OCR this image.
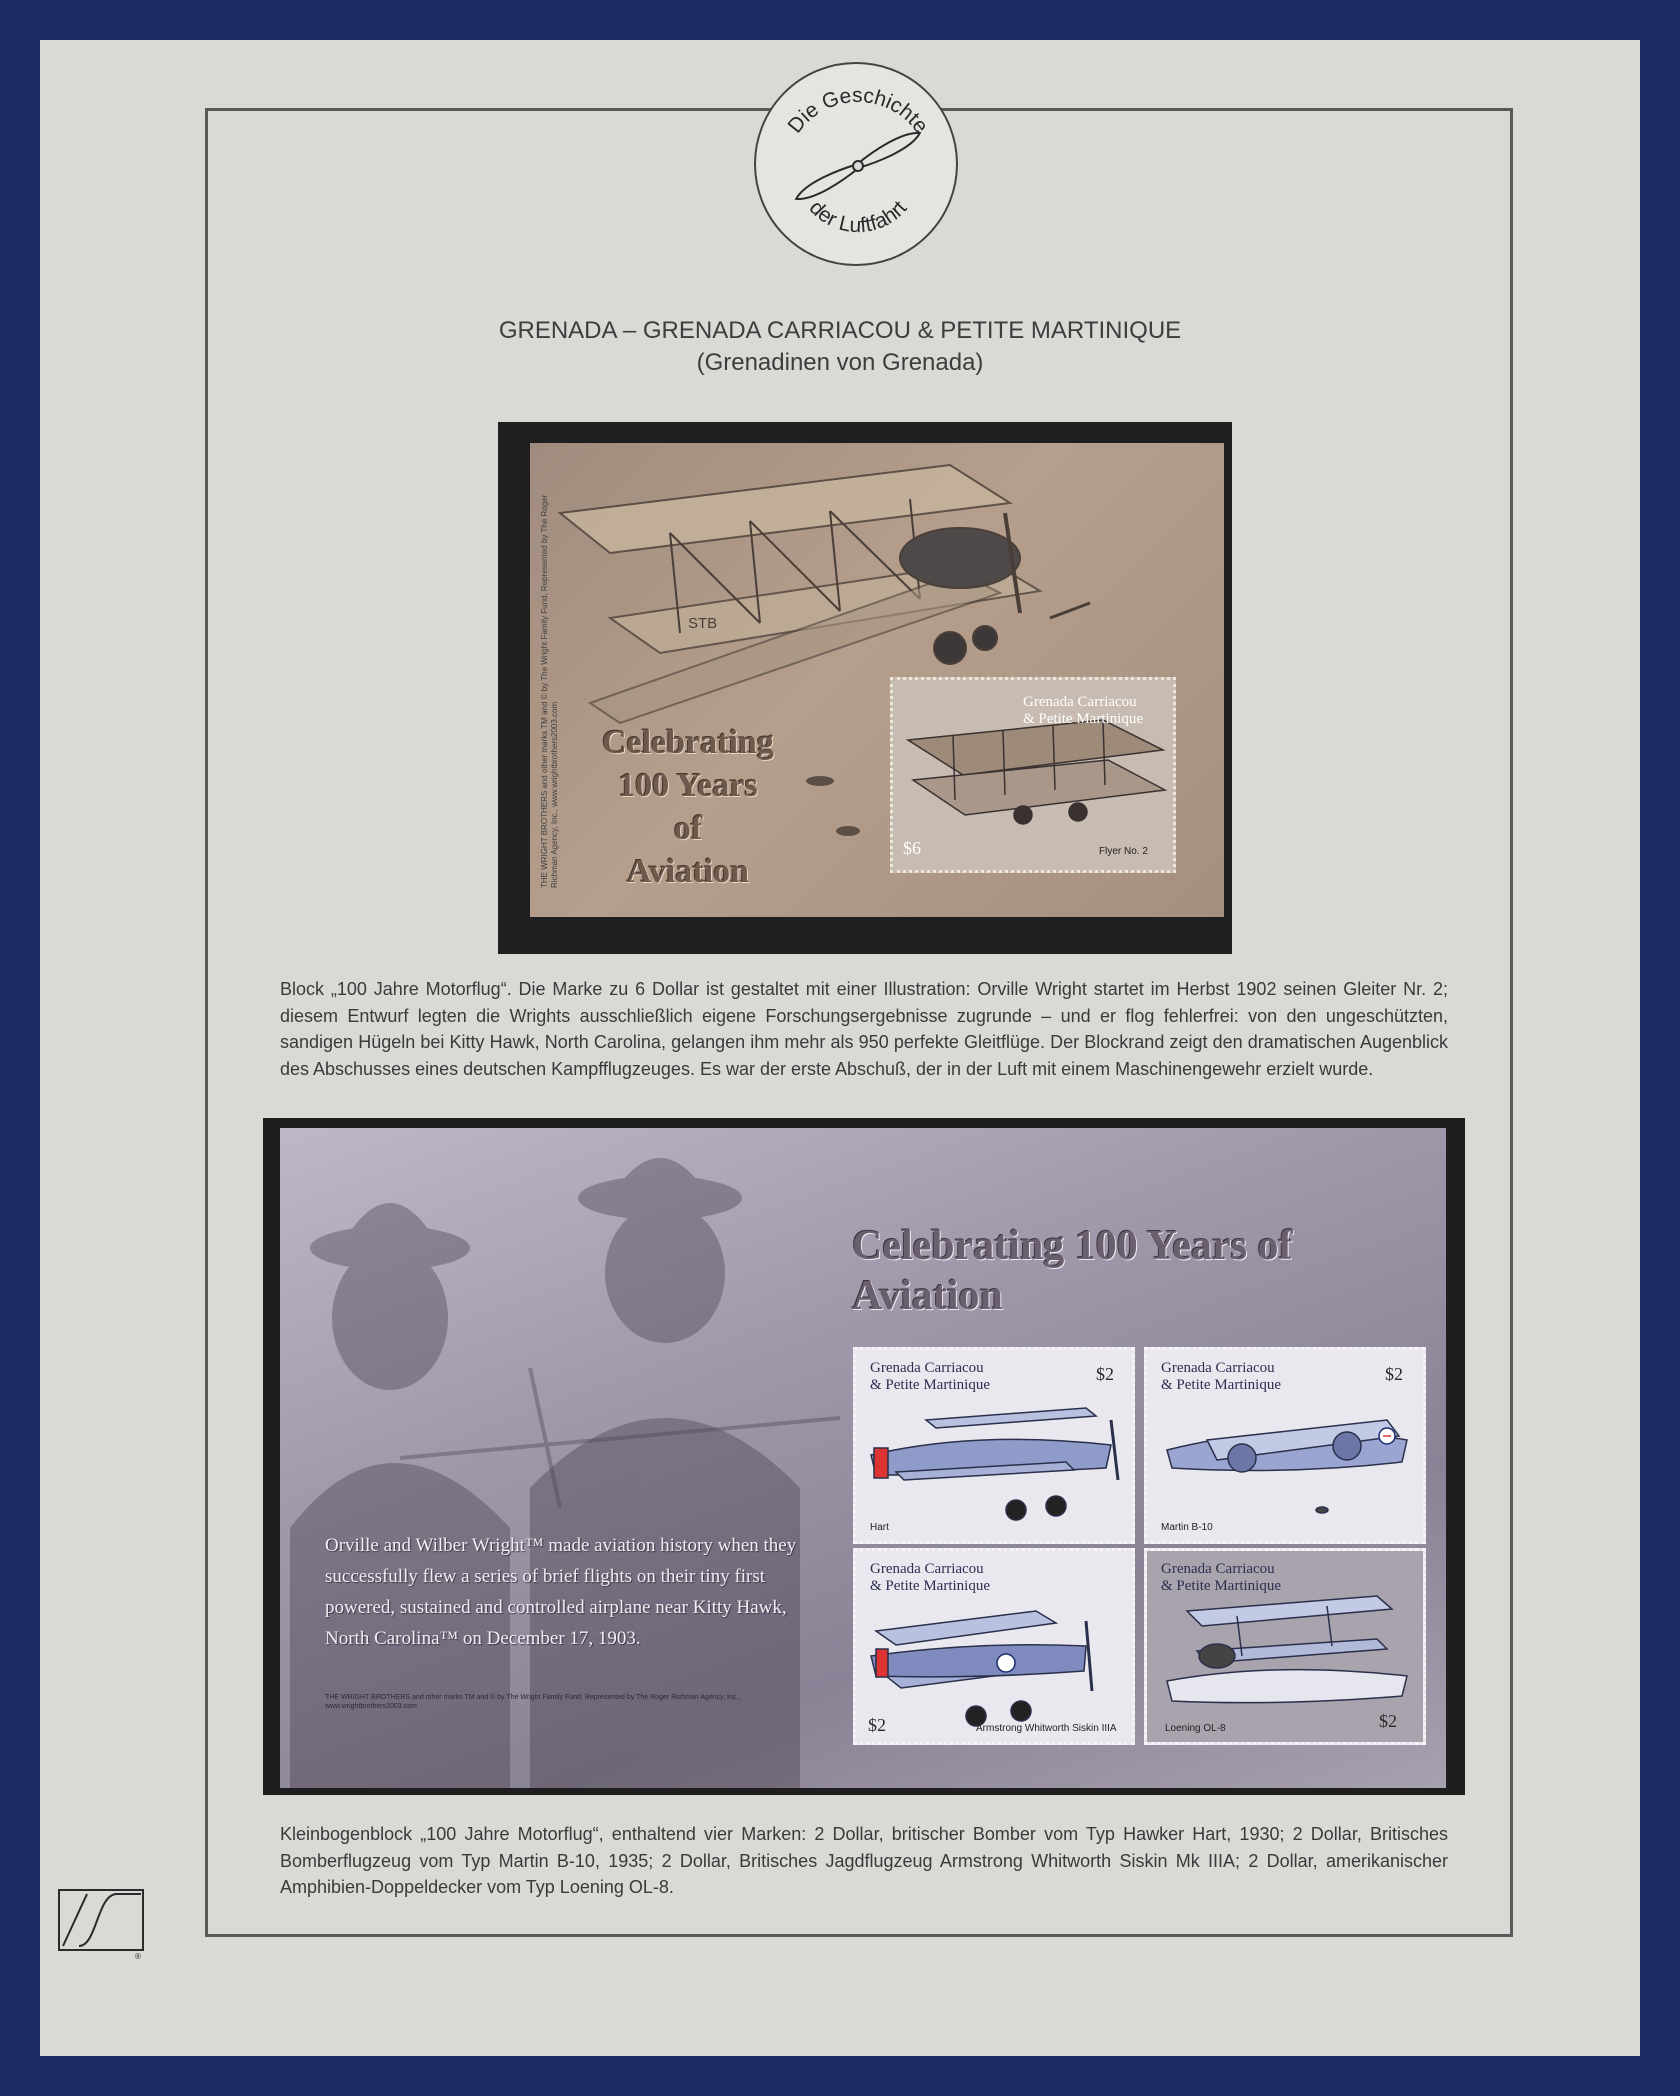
Die Geschichte
der Luftfahrt
GRENADA – GRENADA CARRIACOU & PETITE MARTINIQUE
(Grenadinen von Grenada)
STB
THE WRIGHT BROTHERS and other marks TM and © by The Wright Family Fund, Represented by The Roger Richman Agency, Inc., www.wrightbrothers2003.com	Celebrating
100 Years
of
Aviation
Grenada Carriacou
& Petite Martinique
$6	Flyer No. 2
Block „100 Jahre Motorflug“. Die Marke zu 6 Dollar ist gestaltet mit einer Illustration: Orville Wright startet im Herbst 1902 seinen Gleiter Nr. 2; diesem Entwurf legten die Wrights ausschließlich eigene Forschungsergebnisse zugrunde – und er flog fehlerfrei: von den ungeschützten, sandigen Hügeln bei Kitty Hawk, North Carolina, gelangen ihm mehr als 950 perfekte Gleitflüge. Der Blockrand zeigt den dramatischen Augenblick des Abschusses eines deutschen Kampfflugzeuges. Es war der erste Abschuß, der in der Luft mit einem Maschinengewehr erzielt wurde.
Celebrating 100 Years of Aviation
Orville and Wilber Wright™ made aviation history when they successfully flew a series of brief flights on their tiny first powered, sustained and controlled airplane near Kitty Hawk, North Carolina™ on December 17, 1903.
THE WRIGHT BROTHERS and other marks TM and © by The Wright Family Fund, Represented by The Roger Richman Agency, Inc., www.wrightbrothers2003.com
Grenada Carriacou
& Petite Martinique
$2
Hart
Grenada Carriacou
& Petite Martinique
$2
Martin B-10
Grenada Carriacou
& Petite Martinique
$2	Armstrong Whitworth Siskin IIIA
Grenada Carriacou
& Petite Martinique
$2
Loening OL-8
Kleinbogenblock „100 Jahre Motorflug“, enthaltend vier Marken: 2 Dollar, britischer Bomber vom Typ Hawker Hart, 1930; 2 Dollar, Britisches Bomberflugzeug vom Typ Martin B-10, 1935; 2 Dollar, Britisches Jagdflugzeug Armstrong Whitworth Siskin Mk IIIA; 2 Dollar, amerikanischer Amphibien-Doppeldecker vom Typ Loening OL-8.
®
